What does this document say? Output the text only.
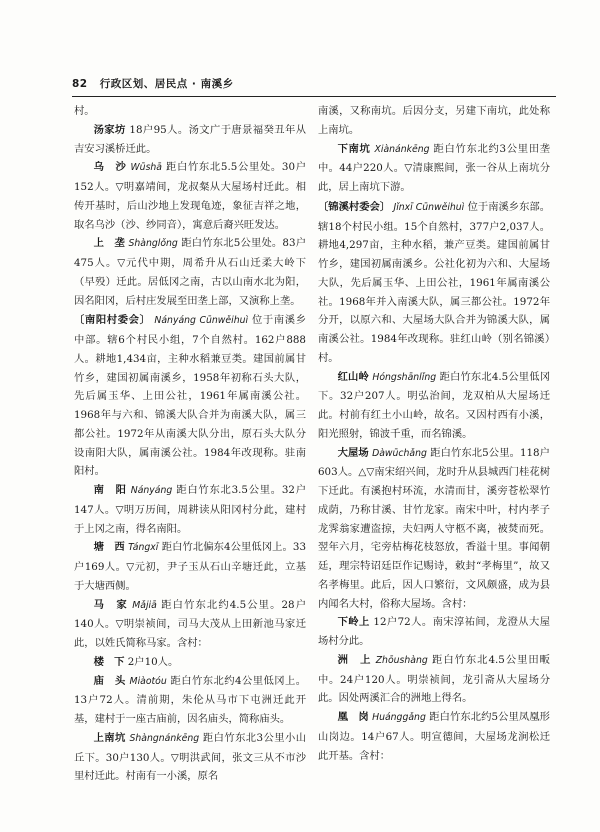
82 行政区划、居民点 · 南溪乡

村。

汤家坊 18户95人。汤文广于唐景福癸丑年从吉安习溪桥迁此。

乌　沙 Wūshā 距白竹东北5.5公里处。30户152人。▽明嘉靖间，龙叔粲从大屋场村迁此。相传开基时，后山沙地上发现龟迹，象征吉祥之地，取名乌沙（沙、纱同音），寓意后裔兴旺发达。

上　垄 Shànglǒng 距白竹东北5公里处。83户475人。▽元代中期，周希升从石山迁柔大岭下（早殁）迁此。居低冈之南，古以山南水北为阳，因名阳冈，后村庄发展至田垄上部，又演称上垄。

〔南阳村委会〕 Nányáng Cūnwěihuì 位于南溪乡中部。辖6个村民小组，7个自然村。162户888人。耕地1,434亩，主种水稻兼豆类。建国前属甘竹乡，建国初属南溪乡，1958年初称石头大队，先后属玉华、上田公社，1961年属南溪公社。1968年与六和、锦溪大队合并为南溪大队，属三都公社。1972年从南溪大队分出，原石头大队分设南阳大队，属南溪公社。1984年改现称。驻南阳村。

南　阳 Nányáng 距白竹东北3.5公里。32户147人。▽明万历间，周耕读从阳冈村分此，建村于上冈之南，得名南阳。

塘　西 Tángxī 距白竹北偏东4公里低冈上。33户169人。▽元初，尹子玉从石山辛塘迁此，立基于大塘西侧。

马　家 Mǎjiā 距白竹东北约4.5公里。28户140人。▽明崇祯间，司马大茂从上田新池马家迁此，以姓氏简称马家。含村：

楼　下 2户10人。

庙　头 Miàotóu 距白竹东北约4公里低冈上。13户72人。清前期，朱伦从马市下屯洲迁此开基，建村于一座古庙前，因名庙头，简称庙头。

上南坑 Shàngnánkēng 距白竹东北3公里小山丘下。30户130人。▽明洪武间，张文三从不市沙里村迁此。村南有一小溪，原名

南溪，又称南坑。后因分支，另建下南坑，此处称上南坑。

下南坑 Xiànánkēng 距白竹东北约3公里田垄中。44户220人。▽清康熙间，张一谷从上南坑分此，居上南坑下游。

〔锦溪村委会〕 Jǐnxī Cūnwěihuì 位于南溪乡东部。辖18个村民小组。15个自然村，377户2,037人。耕地4,297亩，主种水稻，兼产豆类。建国前属甘竹乡，建国初属南溪乡。公社化初为六和、大屋场大队，先后属玉华、上田公社，1961年属南溪公社。1968年并入南溪大队，属三都公社。1972年分开，以原六和、大屋场大队合并为锦溪大队，属南溪公社。1984年改现称。驻红山岭（别名锦溪）村。

红山岭 Hóngshānlǐng 距白竹东北4.5公里低冈下。32户207人。明弘治间，龙双柏从大屋场迁此。村前有红土小山岭，故名。又因村西有小溪，阳光照射，锦波千重，而名锦溪。

大屋场 Dàwūchǎng 距白竹东北5公里。118户603人。△▽南宋绍兴间，龙时升从县城西门桂花树下迁此。有溪抱村环流，水清而甘，溪旁苍松翠竹成荫，乃称甘溪、甘竹龙家。南宋中叶，村内孝子龙霁翁家遭盗掠，夫妇两人守柩不离，被焚而死。翌年六月，宅旁枯梅花枝怒放，香溢十里。事闻朝廷，理宗特诏廷臣作记赐诗，敕封“孝梅里”，故又名孝梅里。此后，因人口繁衍，文风颇盛，成为县内闻名大村，俗称大屋场。含村：

下岭上 12户72人。南宋淳祐间，龙澄从大屋场村分此。

洲　上 Zhōushàng 距白竹东北4.5公里田畈中。24户120人。明崇祯间，龙引斋从大屋场分此。因处两溪汇合的洲地上得名。

凰　岗 Huánggǎng 距白竹东北约5公里凤凰形山岗边。14户67人。明宣德间，大屋场龙涧松迁此开基。含村：
